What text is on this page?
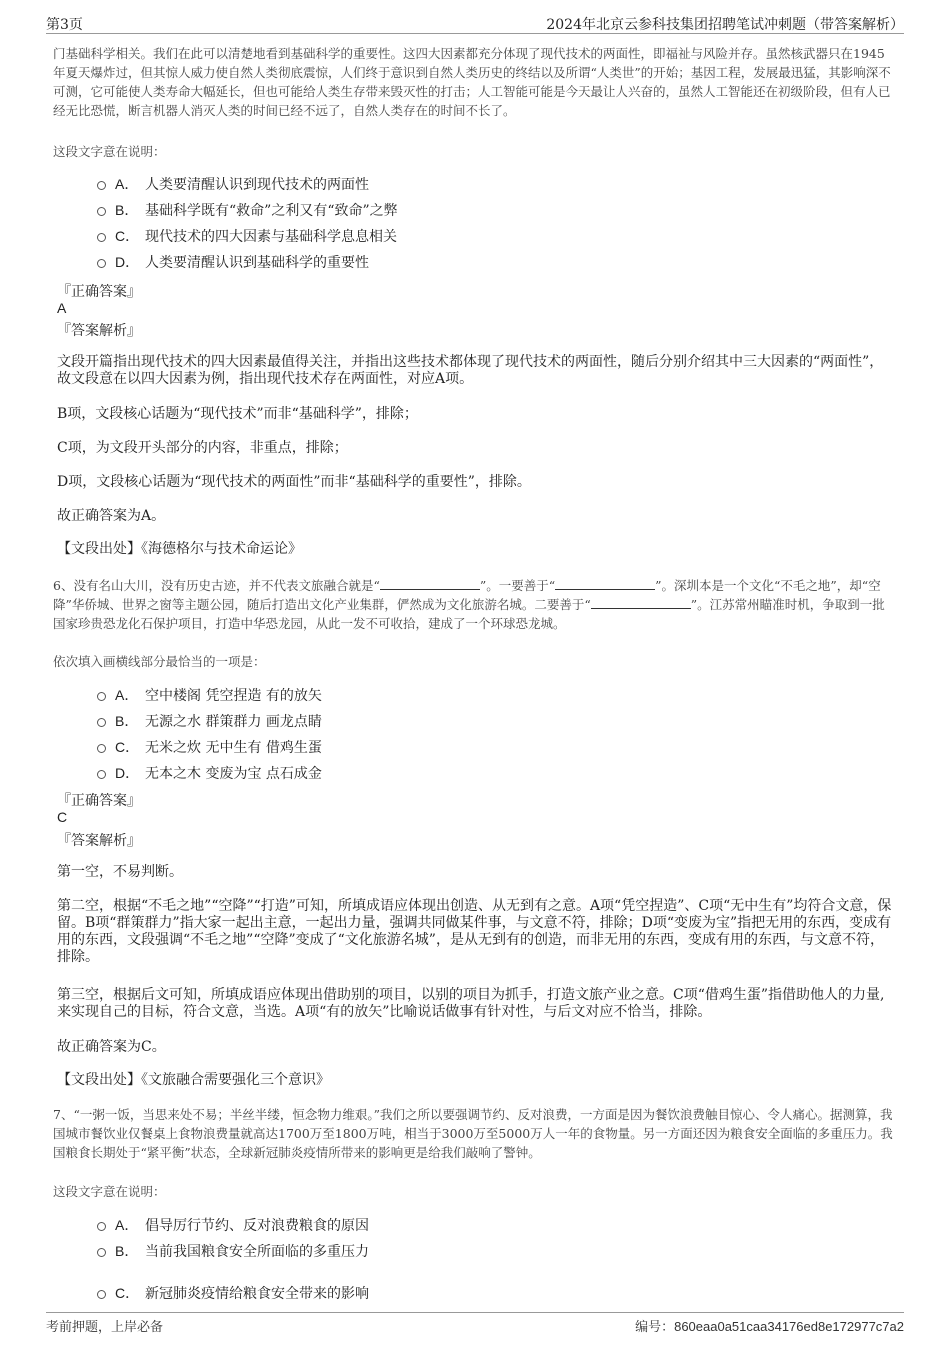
第3页	2024年北京云参科技集团招聘笔试冲刺题（带答案解析）
门基础科学相关。我们在此可以清楚地看到基础科学的重要性。这四大因素都充分体现了现代技术的两面性，即福祉与风险并存。虽然核武器只在1945年夏天爆炸过，但其惊人威力使自然人类彻底震惊，人们终于意识到自然人类历史的终结以及所谓“人类世”的开始；基因工程，发展最迅猛，其影响深不可测，它可能使人类寿命大幅延长，但也可能给人类生存带来毁灭性的打击；人工智能可能是今天最让人兴奋的，虽然人工智能还在初级阶段，但有人已经无比恐慌，断言机器人消灭人类的时间已经不远了，自然人类存在的时间不长了。
这段文字意在说明：
A． 人类要清醒认识到现代技术的两面性
B． 基础科学既有“救命”之利又有“致命”之弊
C． 现代技术的四大因素与基础科学息息相关
D． 人类要清醒认识到基础科学的重要性
『正确答案』
A
『答案解析』
文段开篇指出现代技术的四大因素最值得关注，并指出这些技术都体现了现代技术的两面性，随后分别介绍其中三大因素的“两面性”，故文段意在以四大因素为例，指出现代技术存在两面性，对应A项。
B项，文段核心话题为“现代技术”而非“基础科学”，排除；
C项，为文段开头部分的内容，非重点，排除；
D项，文段核心话题为“现代技术的两面性”而非“基础科学的重要性”，排除。
故正确答案为A。
【文段出处】《海德格尔与技术命运论》
6、没有名山大川，没有历史古迹，并不代表文旅融合就是“	”。一要善于“	”。深圳本是一个文化“不毛之地”，却“空降”华侨城、世界之窗等主题公园，随后打造出文化产业集群，俨然成为文化旅游名城。二要善于“	”。江苏常州瞄准时机，争取到一批国家珍贵恐龙化石保护项目，打造中华恐龙园，从此一发不可收拾，建成了一个环球恐龙城。
依次填入画横线部分最恰当的一项是：
A． 空中楼阁 凭空捏造 有的放矢
B． 无源之水 群策群力 画龙点睛
C． 无米之炊 无中生有 借鸡生蛋
D． 无本之木 变废为宝 点石成金
『正确答案』
C
『答案解析』
第一空，不易判断。
第二空，根据“不毛之地”“空降”“打造”可知，所填成语应体现出创造、从无到有之意。A项“凭空捏造”、C项“无中生有”均符合文意，保留。B项“群策群力”指大家一起出主意，一起出力量，强调共同做某件事，与文意不符，排除；D项“变废为宝”指把无用的东西，变成有用的东西，文段强调“不毛之地”“空降”变成了“文化旅游名城”，是从无到有的创造，而非无用的东西，变成有用的东西，与文意不符，排除。
第三空，根据后文可知，所填成语应体现出借助别的项目，以别的项目为抓手，打造文旅产业之意。C项“借鸡生蛋”指借助他人的力量,来实现自己的目标，符合文意，当选。A项“有的放矢”比喻说话做事有针对性，与后文对应不恰当，排除。
故正确答案为C。
【文段出处】《文旅融合需要强化三个意识》
7、“一粥一饭，当思来处不易；半丝半缕，恒念物力维艰。”我们之所以要强调节约、反对浪费，一方面是因为餐饮浪费触目惊心、令人痛心。据测算，我国城市餐饮业仅餐桌上食物浪费量就高达1700万至1800万吨，相当于3000万至5000万人一年的食物量。另一方面还因为粮食安全面临的多重压力。我国粮食长期处于“紧平衡”状态，全球新冠肺炎疫情所带来的影响更是给我们敲响了警钟。
这段文字意在说明：
A． 倡导厉行节约、反对浪费粮食的原因
B． 当前我国粮食安全所面临的多重压力
C． 新冠肺炎疫情给粮食安全带来的影响
考前押题，上岸必备	编号：860eaa0a51caa34176ed8e172977c7a2
